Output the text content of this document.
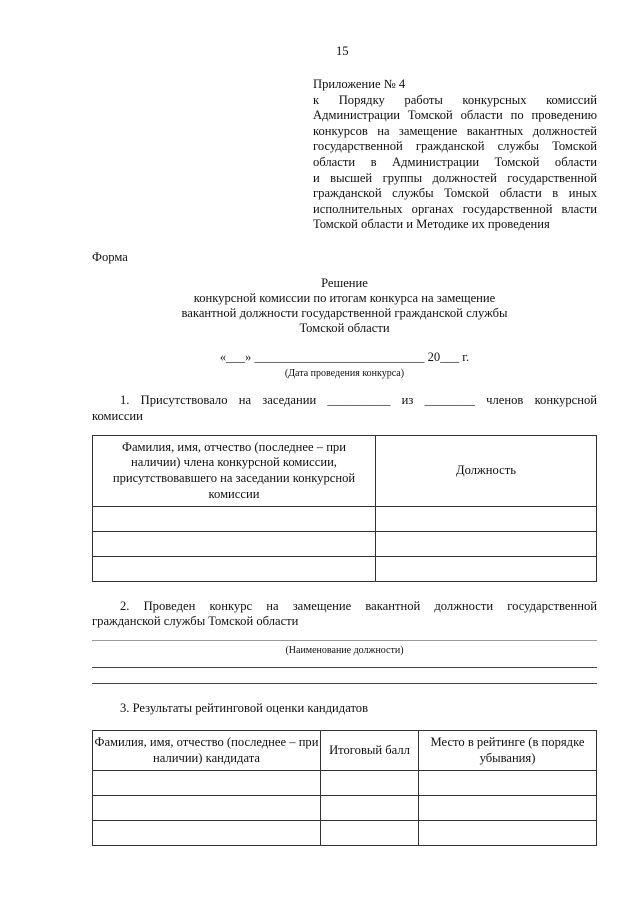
15
Приложение № 4
к Порядку работы конкурсных комиссий
Администрации Томской области по проведению
конкурсов на замещение вакантных должностей
государственной гражданской службы Томской
области в Администрации Томской области
и высшей группы должностей государственной
гражданской службы Томской области в иных
исполнительных органах государственной власти
Томской области и Методике их проведения
Форма
Решение
конкурсной комиссии по итогам конкурса на замещение
вакантной должности государственной гражданской службы
Томской области
«___» ___________________________ 20___ г.
(Дата проведения конкурса)
1. Присутствовало на заседании __________ из ________ членов конкурсной
комиссии
Фамилия, имя, отчество (последнее – при наличии) члена конкурсной комиссии, присутствовавшего на заседании конкурсной комиссии	Должность

2. Проведен конкурс на замещение вакантной должности государственной
гражданской службы Томской области
(Наименование должности)
3. Результаты рейтинговой оценки кандидатов
Фамилия, имя, отчество (последнее – при наличии) кандидата	Итоговый балл	Место в рейтинге (в порядке убывания)
